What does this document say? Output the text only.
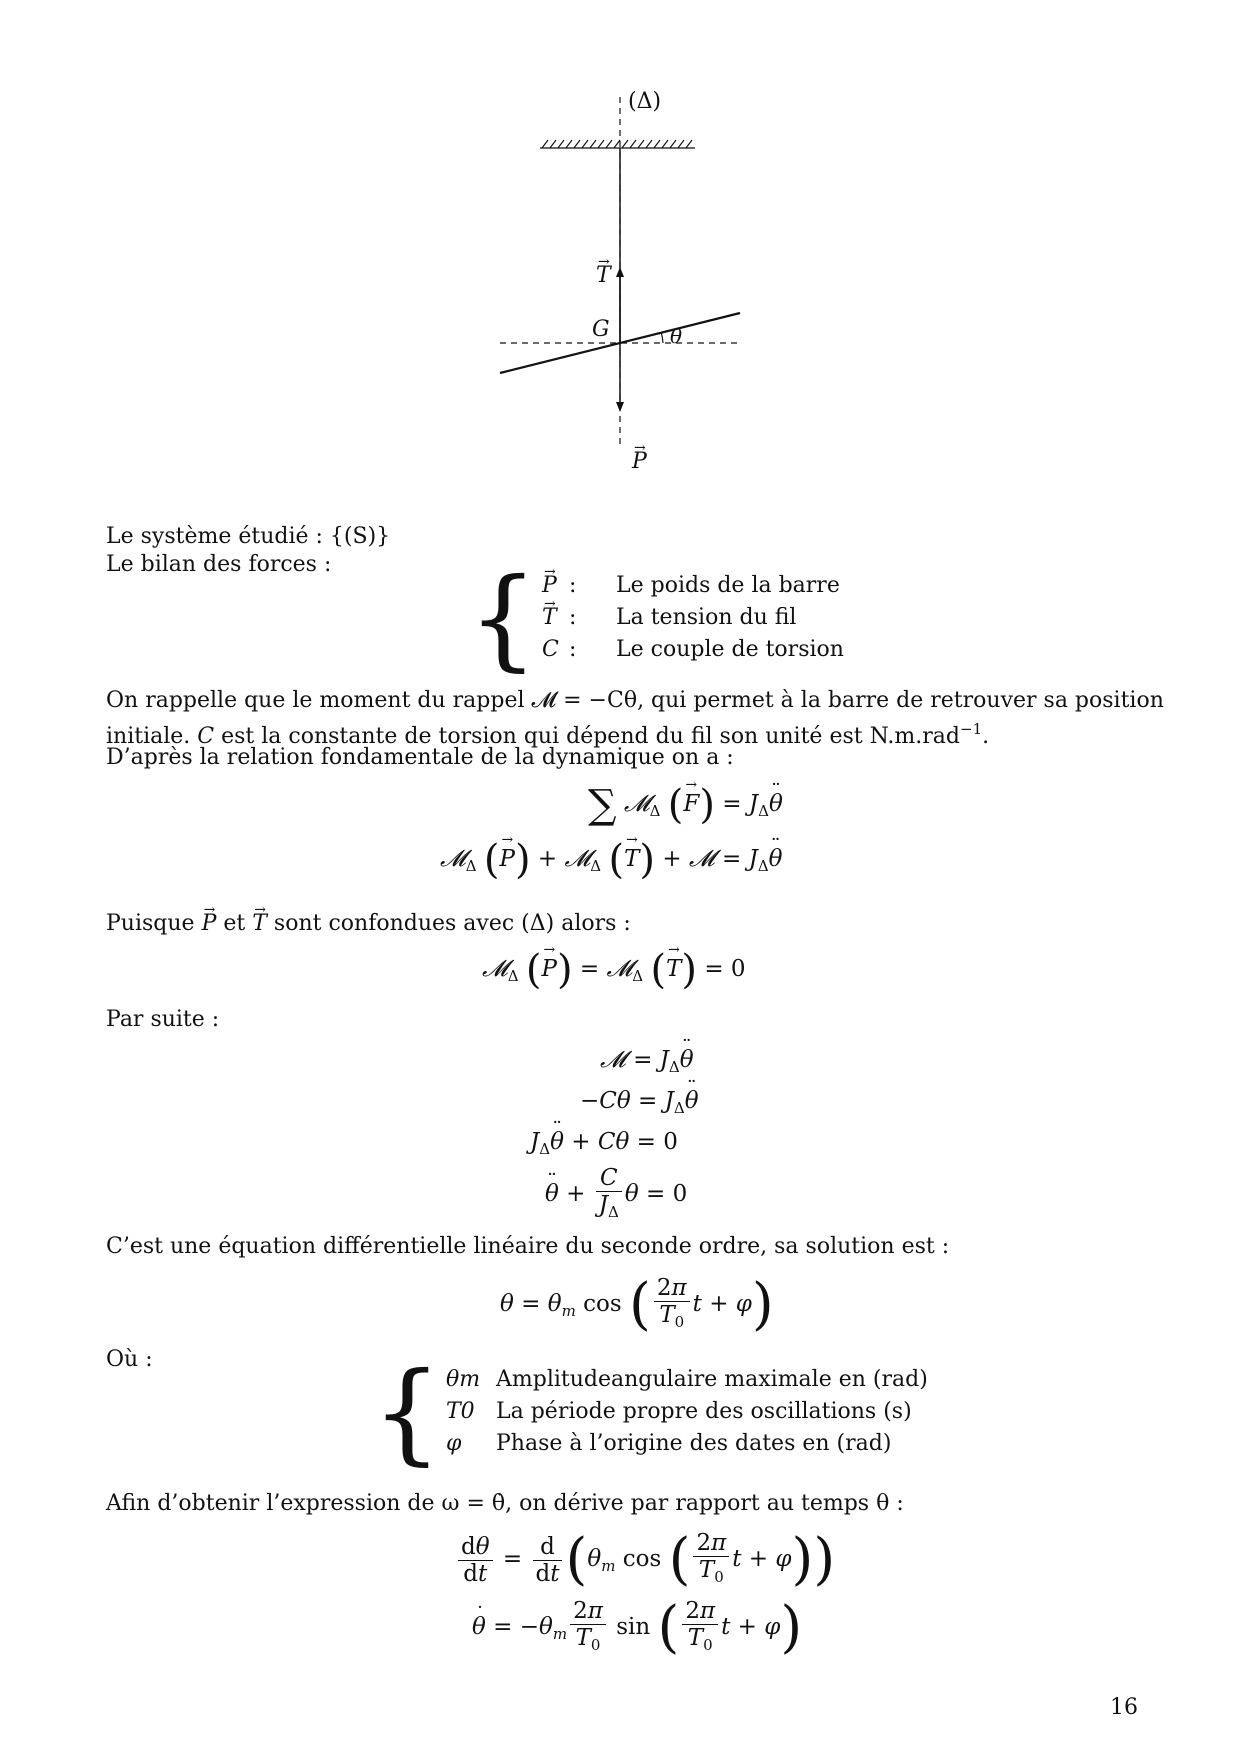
(Δ)
→ T
G	θ
→ P
Le système étudié : {(S)}
Le bilan des forces : { → P : Le poids de la barre
→ T : La tension du fil
C : Le couple de torsion
On rappelle que le moment du rappel 𝓜 = −Cθ, qui permet à la barre de retrouver sa position
initiale. C est la constante de torsion qui dépend du fil son unité est N.m.rad$^{-1}$.
D’après la relation fondamentale de la dynamique on a :
∑ 𝓜$_\Delta$ (→ $F) = J_\Delta¨$ θ
𝓜$_\Delta$ (→ P) + 𝓜$_\Delta$ (→ T) + 𝓜 = $J_\Delta¨$ θ
Puisque → P et → T sont confondues avec (Δ) alors :
𝓜$_\Delta$ (→ P) = 𝓜$_\Delta$ (→ T) = 0
Par suite :
𝓜 = $J_\Delta¨$ θ
$-C\theta = J_\Delta¨$ θ
$J_\Delta¨$ θ + Cθ = 0
¨ $\theta + \frac{C}{J_\Delta}$ θ = 0
C’est une équation différentielle linéaire du seconde ordre, sa solution est :
$\theta = \theta_m$ cos ( $\frac{2\pi}{T_0}$ t + φ)
Où : { θm Amplitudeangulaire maximale en (rad)
T0 La période propre des oscillations (s)
φ Phase à l’origine des dates en (rad)
Afin d’obtenir l’expression de ω = θ̇, on dérive par rapport au temps θ :
$\frac{d\theta}{dt} = \frac{d}{dt} (\theta_m$ cos ( $\frac{2\pi}{T_0}$ t + φ))
˙ $\theta = -\theta_m \frac{2\pi}{T_0}$ sin ( $\frac{2\pi}{T_0}$ t + φ)
16
